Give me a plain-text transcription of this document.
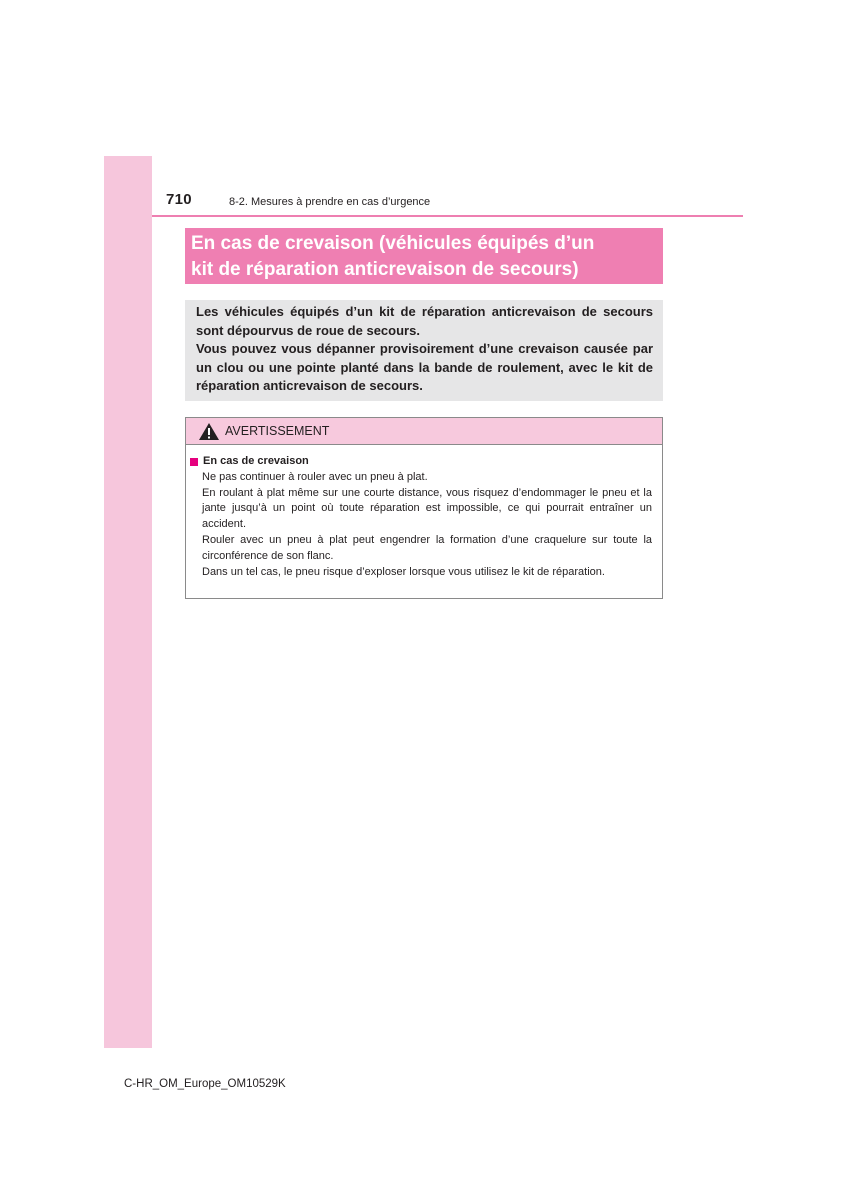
710	8-2. Mesures à prendre en cas d’urgence
En cas de crevaison (véhicules équipés d’un
kit de réparation anticrevaison de secours)

Les véhicules équipés d’un kit de réparation anticrevaison de secours sont dépourvus de roue de secours.

Vous pouvez vous dépanner provisoirement d’une crevaison causée par un clou ou une pointe planté dans la bande de roulement, avec le kit de réparation anticrevaison de secours.

AVERTISSEMENT
En cas de crevaison

Ne pas continuer à rouler avec un pneu à plat.

En roulant à plat même sur une courte distance, vous risquez d’endommager le pneu et la jante jusqu’à un point où toute réparation est impossible, ce qui pourrait entraîner un accident.

Rouler avec un pneu à plat peut engendrer la formation d’une craquelure sur toute la circonférence de son flanc.

Dans un tel cas, le pneu risque d’exploser lorsque vous utilisez le kit de réparation.

C-HR_OM_Europe_OM10529K
